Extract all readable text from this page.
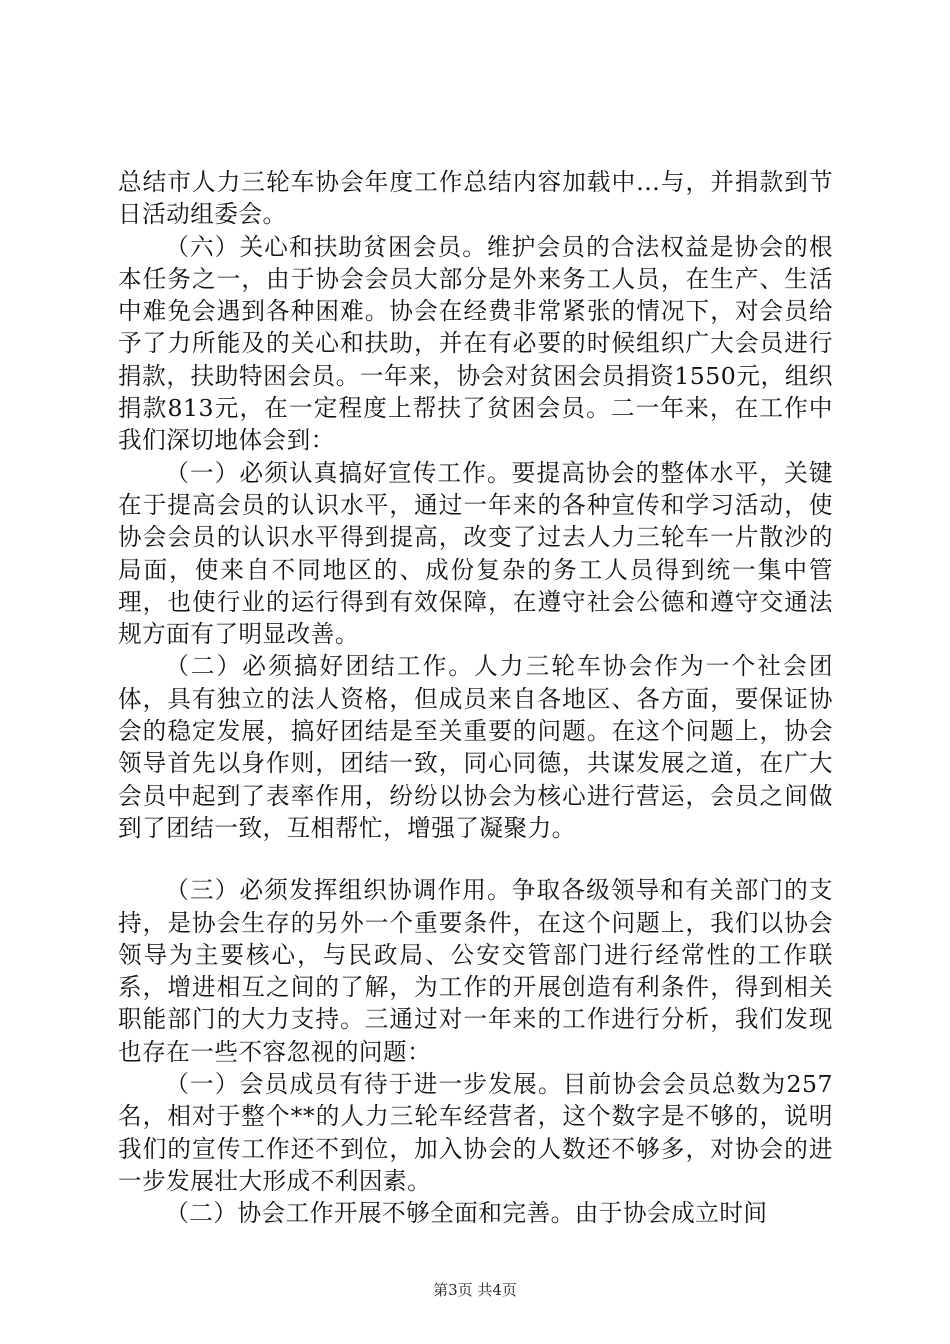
总结市人力三轮车协会年度工作总结内容加载中...与，并捐款到节日活动组委会。

（六）关心和扶助贫困会员。维护会员的合法权益是协会的根本任务之一，由于协会会员大部分是外来务工人员，在生产、生活中难免会遇到各种困难。协会在经费非常紧张的情况下，对会员给予了力所能及的关心和扶助，并在有必要的时候组织广大会员进行捐款，扶助特困会员。一年来，协会对贫困会员捐资1550元，组织捐款813元，在一定程度上帮扶了贫困会员。二一年来，在工作中我们深切地体会到：

（一）必须认真搞好宣传工作。要提高协会的整体水平，关键在于提高会员的认识水平，通过一年来的各种宣传和学习活动，使协会会员的认识水平得到提高，改变了过去人力三轮车一片散沙的局面，使来自不同地区的、成份复杂的务工人员得到统一集中管理，也使行业的运行得到有效保障，在遵守社会公德和遵守交通法规方面有了明显改善。

（二）必须搞好团结工作。人力三轮车协会作为一个社会团体，具有独立的法人资格，但成员来自各地区、各方面，要保证协会的稳定发展，搞好团结是至关重要的问题。在这个问题上，协会领导首先以身作则，团结一致，同心同德，共谋发展之道，在广大会员中起到了表率作用，纷纷以协会为核心进行营运，会员之间做到了团结一致，互相帮忙，增强了凝聚力。

（三）必须发挥组织协调作用。争取各级领导和有关部门的支持，是协会生存的另外一个重要条件，在这个问题上，我们以协会领导为主要核心，与民政局、公安交管部门进行经常性的工作联系，增进相互之间的了解，为工作的开展创造有利条件，得到相关职能部门的大力支持。三通过对一年来的工作进行分析，我们发现也存在一些不容忽视的问题：

（一）会员成员有待于进一步发展。目前协会会员总数为257名，相对于整个**的人力三轮车经营者，这个数字是不够的，说明我们的宣传工作还不到位，加入协会的人数还不够多，对协会的进一步发展壮大形成不利因素。

（二）协会工作开展不够全面和完善。由于协会成立时间

第3页 共4页
